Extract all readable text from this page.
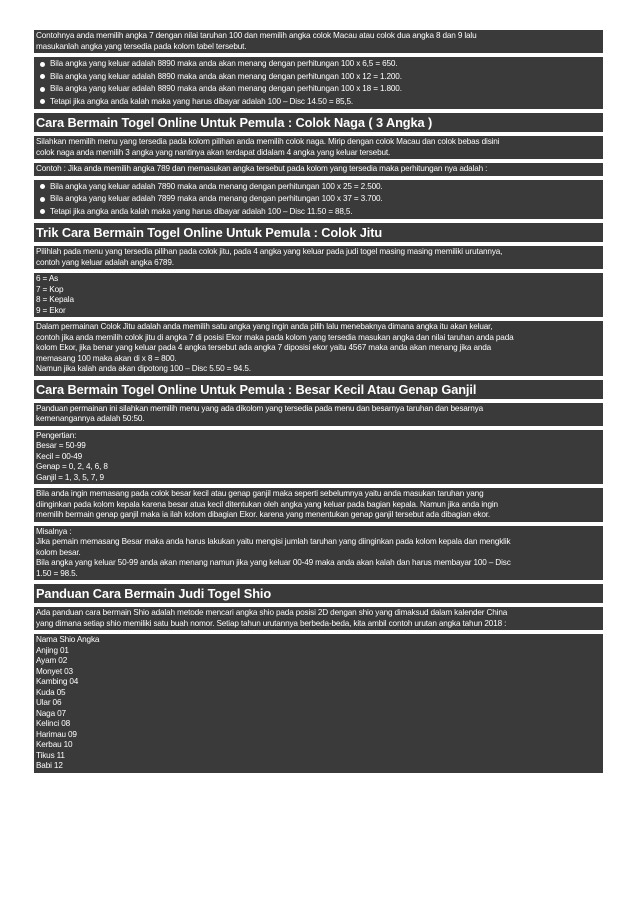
Contohnya anda memilih angka 7 dengan nilai taruhan 100 dan memilih angka colok Macau atau colok dua angka 8 dan 9 lalu
masukanlah angka yang tersedia pada kolom tabel tersebut.
Bila angka yang keluar adalah 8890 maka anda akan menang dengan perhitungan 100 x 6,5 = 650.
Bila angka yang keluar adalah 8890 maka anda akan menang dengan perhitungan 100 x 12 = 1.200.
Bila angka yang keluar adalah 8890 maka anda akan menang dengan perhitungan 100 x 18 = 1.800.
Tetapi jika angka anda kalah maka yang harus dibayar adalah 100 – Disc 14.50 = 85,5.
Cara Bermain Togel Online Untuk Pemula : Colok Naga ( 3 Angka )
Silahkan memilih menu yang tersedia pada kolom pilihan anda memilih colok naga. Mirip dengan colok Macau dan colok bebas disini
colok naga anda memilih 3 angka yang nantinya akan terdapat didalam 4 angka yang keluar tersebut.
Contoh : Jika anda memilih angka 789 dan memasukan angka tersebut pada kolom yang tersedia maka perhitungan nya adalah :
Bila angka yang keluar adalah 7890 maka anda menang dengan perhitungan 100 x 25 = 2.500.
Bila angka yang keluar adalah 7899 maka anda menang dengan perhitungan 100 x 37 = 3.700.
Tetapi jika angka anda kalah maka yang harus dibayar adalah 100 – Disc 11.50 = 88,5.
Trik Cara Bermain Togel Online Untuk Pemula : Colok Jitu
Pilihlah pada menu yang tersedia pilihan pada colok jitu, pada 4 angka yang keluar pada judi togel masing masing memiliki urutannya,
contoh yang keluar adalah angka 6789.
6 = As
7 = Kop
8 = Kepala
9 = Ekor
Dalam permainan Colok Jitu adalah anda memilih satu angka yang ingin anda pilih lalu menebaknya dimana angka itu akan keluar,
contoh jika anda memilih colok jitu di angka 7 di posisi Ekor maka pada kolom yang tersedia masukan angka dan nilai taruhan anda pada
kolom Ekor, jika benar yang keluar pada 4 angka tersebut ada angka 7 diposisi ekor yaitu 4567 maka anda akan menang jika anda
memasang 100 maka akan di x 8 = 800.
Namun jika kalah anda akan dipotong 100 – Disc 5.50 = 94.5.
Cara Bermain Togel Online Untuk Pemula : Besar Kecil Atau Genap Ganjil
Panduan permainan ini silahkan memilih menu yang ada dikolom yang tersedia pada menu dan besarnya taruhan dan besarnya
kemenangannya adalah 50:50.
Pengertian:
Besar = 50-99
Kecil = 00-49
Genap = 0, 2, 4, 6, 8
Ganjil = 1, 3, 5, 7, 9
Bila anda ingin memasang pada colok besar kecil atau genap ganjil maka seperti sebelumnya yaitu anda masukan taruhan yang
diinginkan pada kolom kepala karena besar atua kecil ditentukan oleh angka yang keluar pada bagian kepala. Namun jika anda ingin
memilih bermain genap ganjil maka ia ilah kolom dibagian Ekor. karena yang menentukan genap ganjil tersebut ada dibagian ekor.
Misalnya :
Jika pemain memasang Besar maka anda harus lakukan yaitu mengisi jumlah taruhan yang diinginkan pada kolom kepala dan mengklik
kolom besar.
Bila angka yang keluar 50-99 anda akan menang namun jika yang keluar 00-49 maka anda akan kalah dan harus membayar 100 – Disc
1.50 = 98.5.
Panduan Cara Bermain Judi Togel Shio
Ada panduan cara bermain Shio adalah metode mencari angka shio pada posisi 2D dengan shio yang dimaksud dalam kalender China
yang dimana setiap shio memiliki satu buah nomor. Setiap tahun urutannya berbeda-beda, kita ambil contoh urutan angka tahun 2018 :
Nama Shio Angka
Anjing 01
Ayam 02
Monyet 03
Kambing 04
Kuda 05
Ular 06
Naga 07
Kelinci 08
Harimau 09
Kerbau 10
Tikus 11
Babi 12
